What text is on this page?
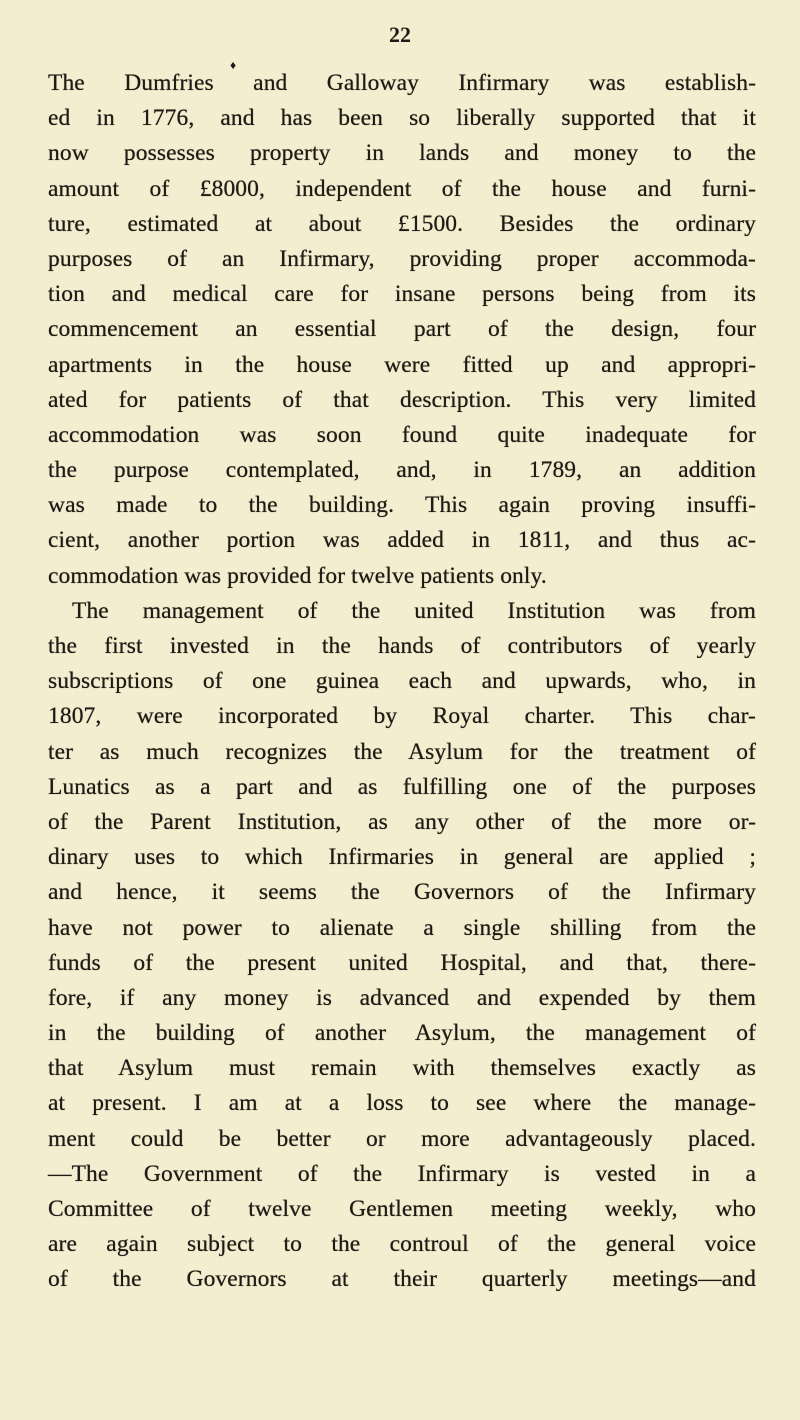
22
♦
The Dumfries and Galloway Infirmary was establish-
ed in 1776, and has been so liberally supported that it
now possesses property in lands and money to the
amount of £8000, independent of the house and furni-
ture, estimated at about £1500. Besides the ordinary
purposes of an Infirmary, providing proper accommoda-
tion and medical care for insane persons being from its
commencement an essential part of the design, four
apartments in the house were fitted up and appropri-
ated for patients of that description. This very limited
accommodation was soon found quite inadequate for
the purpose contemplated, and, in 1789, an addition
was made to the building. This again proving insuffi-
cient, another portion was added in 1811, and thus ac-
commodation was provided for twelve patients only.
The management of the united Institution was from
the first invested in the hands of contributors of yearly
subscriptions of one guinea each and upwards, who, in
1807, were incorporated by Royal charter. This char-
ter as much recognizes the Asylum for the treatment of
Lunatics as a part and as fulfilling one of the purposes
of the Parent Institution, as any other of the more or-
dinary uses to which Infirmaries in general are applied ;
and hence, it seems the Governors of the Infirmary
have not power to alienate a single shilling from the
funds of the present united Hospital, and that, there-
fore, if any money is advanced and expended by them
in the building of another Asylum, the management of
that Asylum must remain with themselves exactly as
at present. I am at a loss to see where the manage-
ment could be better or more advantageously placed.
—The Government of the Infirmary is vested in a
Committee of twelve Gentlemen meeting weekly, who
are again subject to the controul of the general voice
of the Governors at their quarterly meetings—and
